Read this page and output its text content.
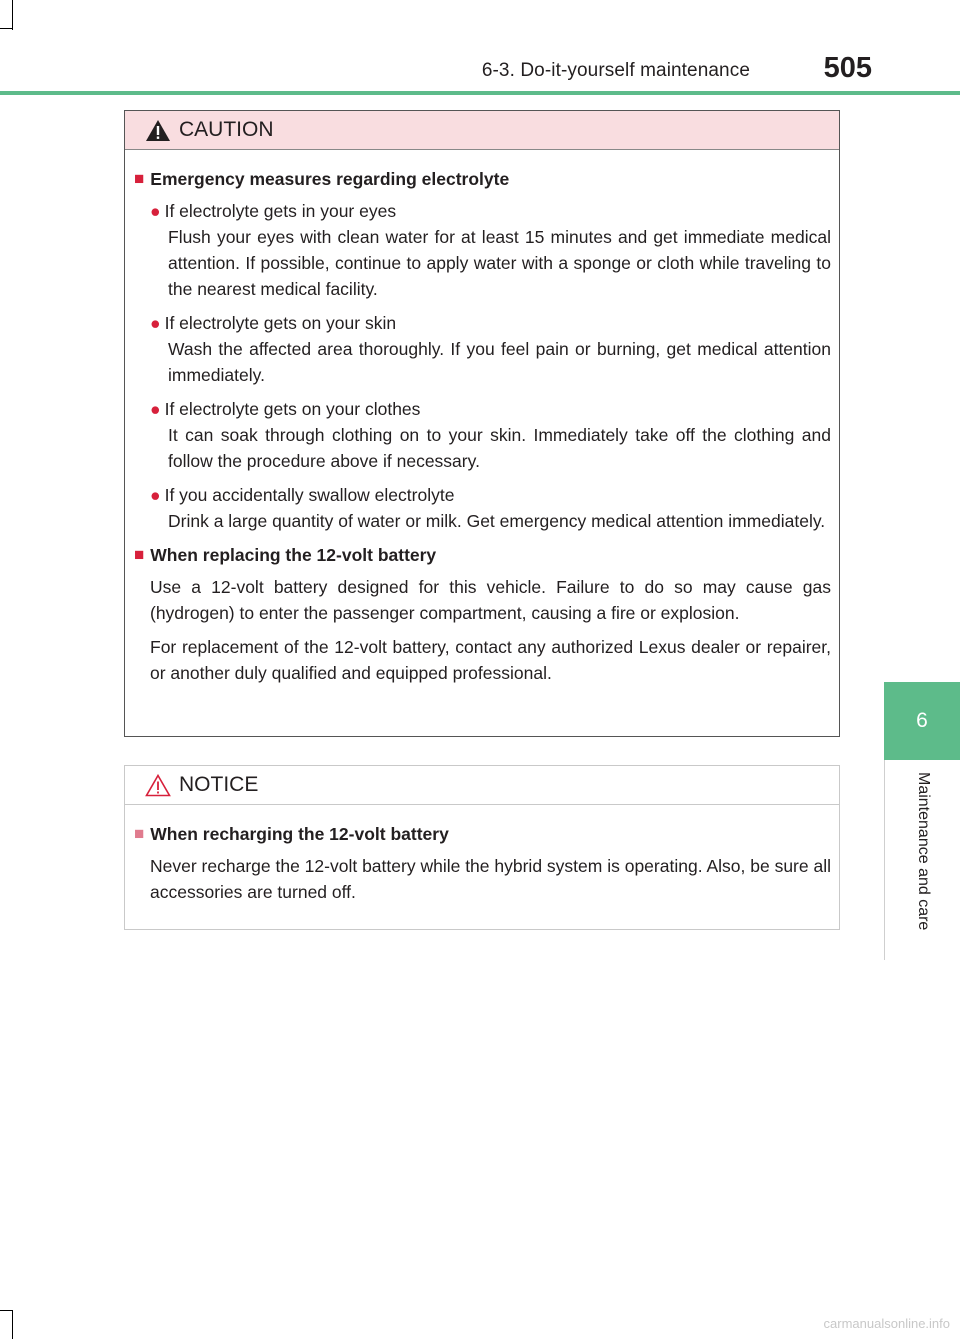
6-3. Do-it-yourself maintenance	505
6
Maintenance and care
CAUTION
■ Emergency measures regarding electrolyte
● If electrolyte gets in your eyes
Flush your eyes with clean water for at least 15 minutes and get immediate medical attention. If possible, continue to apply water with a sponge or cloth while traveling to the nearest medical facility.
● If electrolyte gets on your skin
Wash the affected area thoroughly. If you feel pain or burning, get medical attention immediately.
● If electrolyte gets on your clothes
It can soak through clothing on to your skin. Immediately take off the clothing and follow the procedure above if necessary.
● If you accidentally swallow electrolyte
Drink a large quantity of water or milk. Get emergency medical attention immediately.
■ When replacing the 12-volt battery
Use a 12-volt battery designed for this vehicle. Failure to do so may cause gas (hydrogen) to enter the passenger compartment, causing a fire or explosion.
For replacement of the 12-volt battery, contact any authorized Lexus dealer or repairer, or another duly qualified and equipped professional.
NOTICE
■ When recharging the 12-volt battery
Never recharge the 12-volt battery while the hybrid system is operating. Also, be sure all accessories are turned off.
carmanualsonline.info
